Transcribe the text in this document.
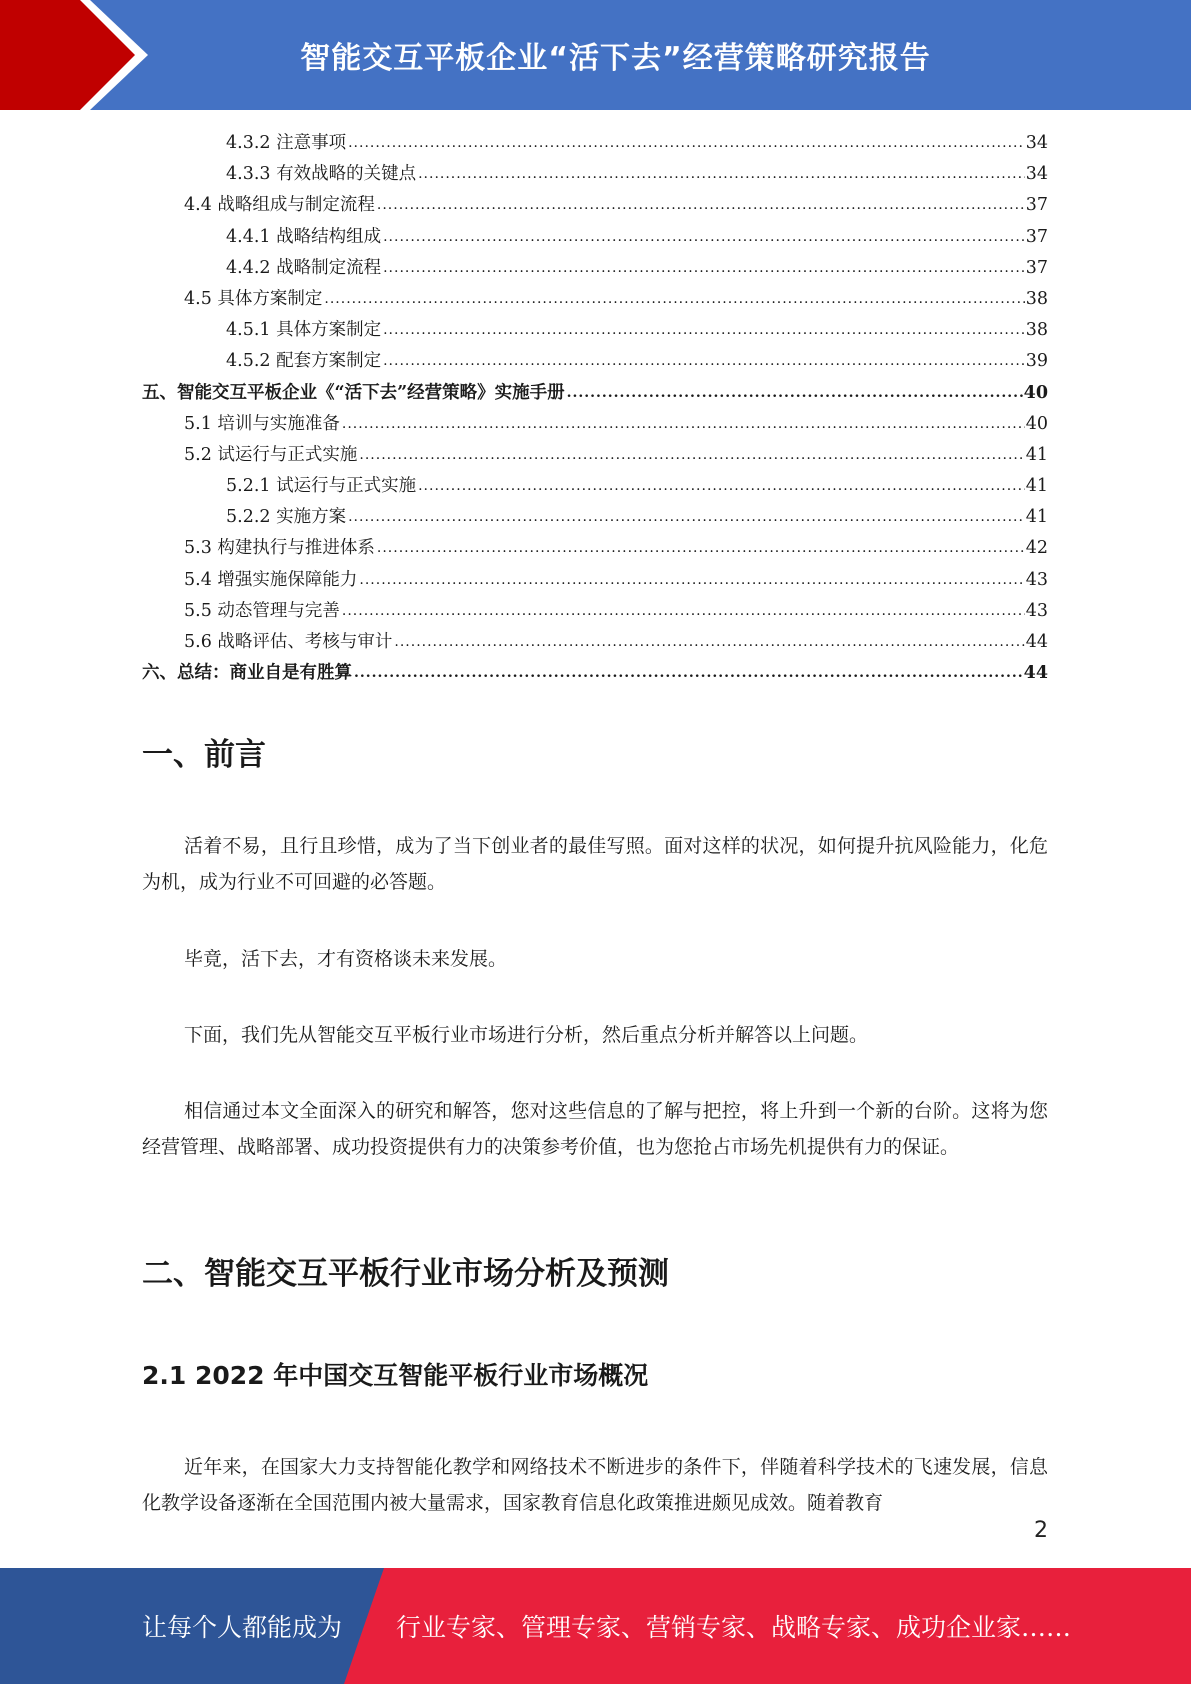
智能交互平板企业“活下去”经营策略研究报告
4.3.2 注意事项 .....	34
4.3.3 有效战略的关键点 .....	34
4.4 战略组成与制定流程 .....	37
4.4.1 战略结构组成 .....	37
4.4.2 战略制定流程 .....	37
4.5 具体方案制定 .....	38
4.5.1 具体方案制定 .....	38
4.5.2 配套方案制定 .....	39
五、智能交互平板企业《“活下去”经营策略》实施手册 .....	40
5.1 培训与实施准备 .....	40
5.2 试运行与正式实施 .....	41
5.2.1 试运行与正式实施 .....	41
5.2.2 实施方案 .....	41
5.3 构建执行与推进体系 .....	42
5.4 增强实施保障能力 .....	43
5.5 动态管理与完善 .....	43
5.6 战略评估、考核与审计 .....	44
六、总结：商业自是有胜算 .....	44
一、前言

活着不易，且行且珍惜，成为了当下创业者的最佳写照。面对这样的状况，如何提升抗风险能力，化危为机，成为行业不可回避的必答题。

毕竟，活下去，才有资格谈未来发展。

下面，我们先从智能交互平板行业市场进行分析，然后重点分析并解答以上问题。

相信通过本文全面深入的研究和解答，您对这些信息的了解与把控，将上升到一个新的台阶。这将为您经营管理、战略部署、成功投资提供有力的决策参考价值，也为您抢占市场先机提供有力的保证。

二、智能交互平板行业市场分析及预测
2.1 2022 年中国交互智能平板行业市场概况

近年来，在国家大力支持智能化教学和网络技术不断进步的条件下，伴随着科学技术的飞速发展，信息化教学设备逐渐在全国范围内被大量需求，国家教育信息化政策推进颇见成效。随着教育

2
让每个人都能成为 行业专家、管理专家、营销专家、战略专家、成功企业家……
